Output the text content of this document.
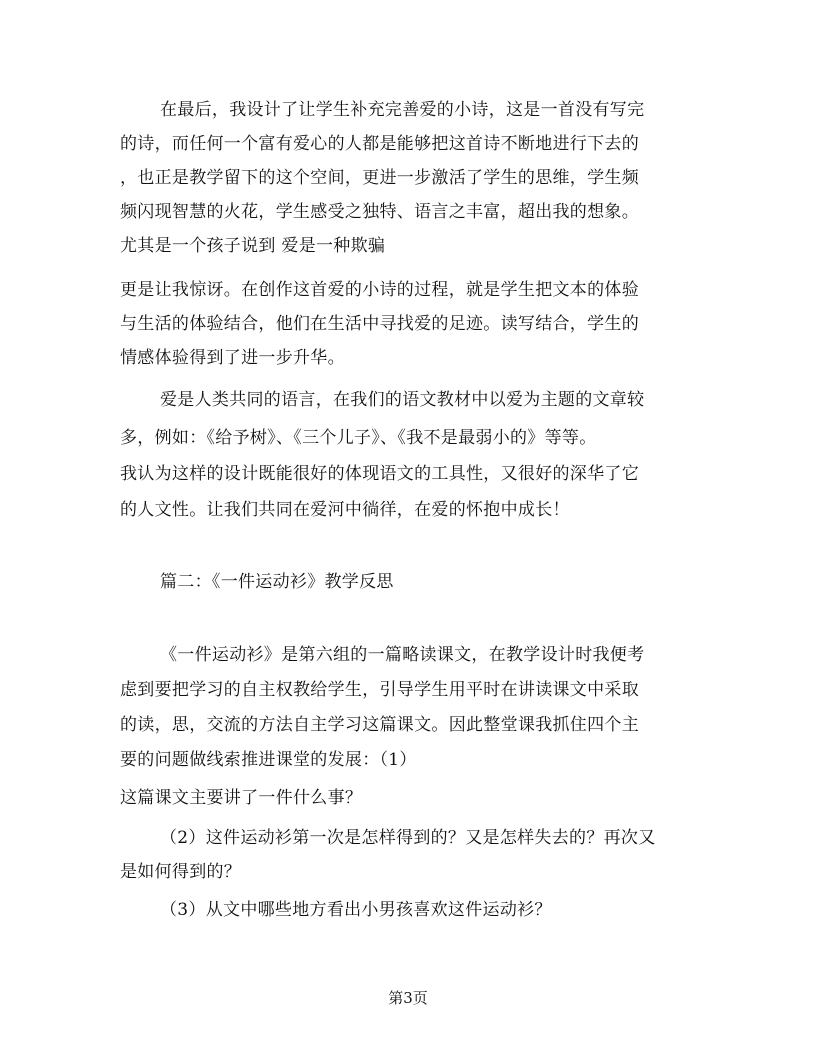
在最后，我设计了让学生补充完善爱的小诗，这是一首没有写完
的诗，而任何一个富有爱心的人都是能够把这首诗不断地进行下去的
，也正是教学留下的这个空间，更进一步激活了学生的思维，学生频
频闪现智慧的火花，学生感受之独特、语言之丰富，超出我的想象。
尤其是一个孩子说到 爱是一种欺骗
更是让我惊讶。在创作这首爱的小诗的过程，就是学生把文本的体验
与生活的体验结合，他们在生活中寻找爱的足迹。读写结合，学生的
情感体验得到了进一步升华。
爱是人类共同的语言，在我们的语文教材中以爱为主题的文章较
多，例如：《给予树》、《三个儿子》、《我不是最弱小的》等等。
我认为这样的设计既能很好的体现语文的工具性，又很好的深华了它
的人文性。让我们共同在爱河中徜徉，在爱的怀抱中成长！
篇二：《一件运动衫》教学反思
《一件运动衫》是第六组的一篇略读课文，在教学设计时我便考
虑到要把学习的自主权教给学生，引导学生用平时在讲读课文中采取
的读，思，交流的方法自主学习这篇课文。因此整堂课我抓住四个主
要的问题做线索推进课堂的发展：（1）
这篇课文主要讲了一件什么事？
（2）这件运动衫第一次是怎样得到的？又是怎样失去的？再次又
是如何得到的？
（3）从文中哪些地方看出小男孩喜欢这件运动衫？
第3页
